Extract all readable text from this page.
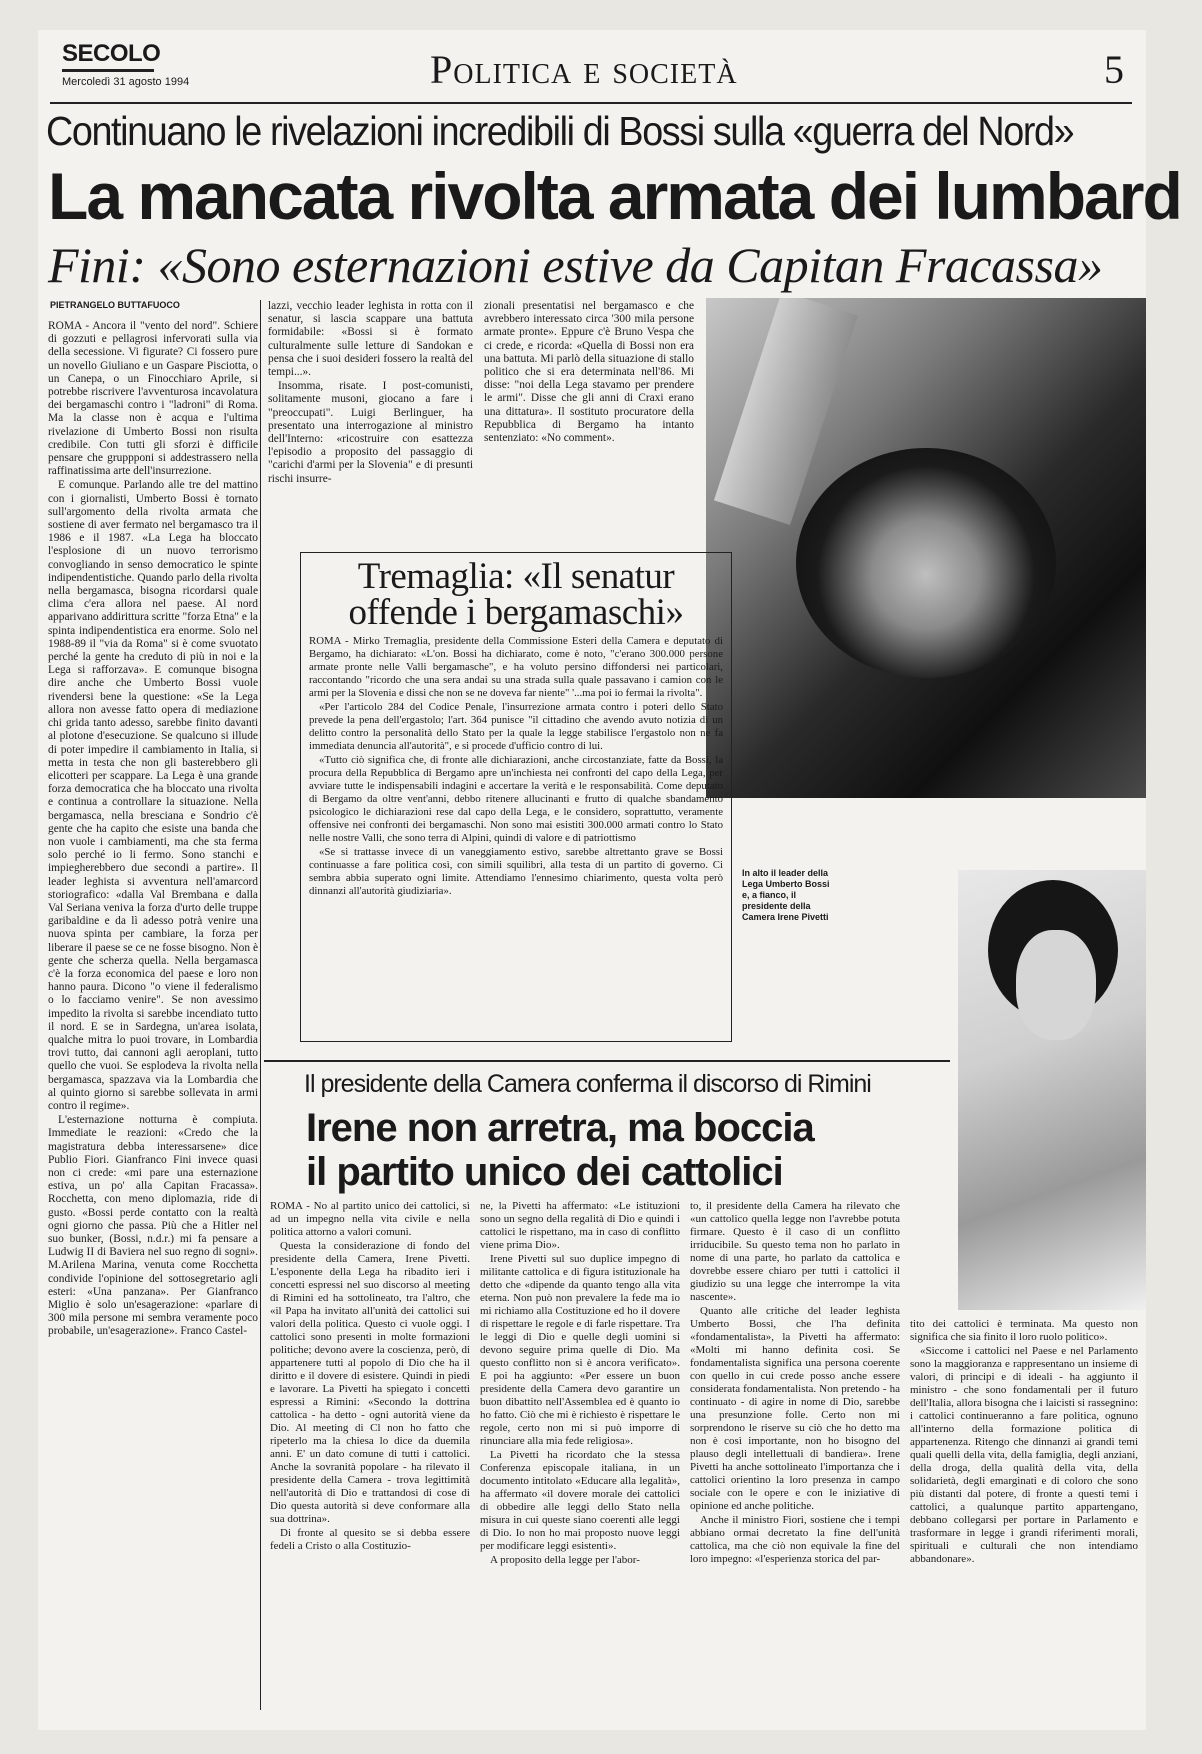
SECOLO
Mercoledì 31 agosto 1994	Politica e società	5
Continuano le rivelazioni incredibili di Bossi sulla «guerra del Nord»
La mancata rivolta armata dei lumbard
Fini: «Sono esternazioni estive da Capitan Fracassa»
PIETRANGELO BUTTAFUOCO

ROMA - Ancora il "vento del nord". Schiere di gozzuti e pellagrosi infervorati sulla via della secessione. Vi figurate? Ci fossero pure un novello Giuliano e un Gaspare Pisciotta, o un Canepa, o un Finocchiaro Aprile, si potrebbe riscrivere l'avventurosa incavolatura dei bergamaschi contro i "ladroni" di Roma. Ma la classe non è acqua e l'ultima rivelazione di Umberto Bossi non risulta credibile. Con tutti gli sforzi è difficile pensare che gruppponi si addestrassero nella raffinatissima arte dell'insurrezione.

E comunque. Parlando alle tre del mattino con i giornalisti, Umberto Bossi è tornato sull'argomento della rivolta armata che sostiene di aver fermato nel bergamasco tra il 1986 e il 1987. «La Lega ha bloccato l'esplosione di un nuovo terrorismo convogliando in senso democratico le spinte indipendentistiche. Quando parlo della rivolta nella bergamasca, bisogna ricordarsi quale clima c'era allora nel paese. Al nord apparivano addirittura scritte "forza Etna" e la spinta indipendentistica era enorme. Solo nel 1988-89 il "via da Roma" si è come svuotato perché la gente ha creduto di più in noi e la Lega si rafforzava». E comunque bisogna dire anche che Umberto Bossi vuole rivendersi bene la questione: «Se la Lega allora non avesse fatto opera di mediazione chi grida tanto adesso, sarebbe finito davanti al plotone d'esecuzione. Se qualcuno si illude di poter impedire il cambiamento in Italia, si metta in testa che non gli basterebbero gli elicotteri per scappare. La Lega è una grande forza democratica che ha bloccato una rivolta e continua a controllare la situazione. Nella bergamasca, nella bresciana e Sondrio c'è gente che ha capito che esiste una banda che non vuole i cambiamenti, ma che sta ferma solo perché io li fermo. Sono stanchi e impiegherebbero due secondi a partire». Il leader leghista si avventura nell'amarcord storiografico: «dalla Val Brembana e dalla Val Seriana veniva la forza d'urto delle truppe garibaldine e da lì adesso potrà venire una nuova spinta per cambiare, la forza per liberare il paese se ce ne fosse bisogno. Non è gente che scherza quella. Nella bergamasca c'è la forza economica del paese e loro non hanno paura. Dicono "o viene il federalismo o lo facciamo venire". Se non avessimo impedito la rivolta si sarebbe incendiato tutto il nord. E se in Sardegna, un'area isolata, qualche mitra lo puoi trovare, in Lombardia trovi tutto, dai cannoni agli aeroplani, tutto quello che vuoi. Se esplodeva la rivolta nella bergamasca, spazzava via la Lombardia che al quinto giorno si sarebbe sollevata in armi contro il regime».

L'esternazione notturna è compiuta. Immediate le reazioni: «Credo che la magistratura debba interessarsene» dice Publio Fiori. Gianfranco Fini invece quasi non ci crede: «mi pare una esternazione estiva, un po' alla Capitan Fracassa». Rocchetta, con meno diplomazia, ride di gusto. «Bossi perde contatto con la realtà ogni giorno che passa. Più che a Hitler nel suo bunker, (Bossi, n.d.r.) mi fa pensare a Ludwig II di Baviera nel suo regno di sogni». M.Arilena Marina, venuta come Rocchetta condivide l'opinione del sottosegretario agli esteri: «Una panzana». Per Gianfranco Miglio è solo un'esagerazione: «parlare di 300 mila persone mi sembra veramente poco probabile, un'esagerazione». Franco Castel-

lazzi, vecchio leader leghista in rotta con il senatur, si lascia scappare una battuta formidabile: «Bossi si è formato culturalmente sulle letture di Sandokan e pensa che i suoi desideri fossero la realtà del tempi...».

Insomma, risate. I post-comunisti, solitamente musoni, giocano a fare i "preoccupati". Luigi Berlinguer, ha presentato una interrogazione al ministro dell'Interno: «ricostruire con esattezza l'episodio a proposito del passaggio di "carichi d'armi per la Slovenia" e di presunti rischi insurre-

zionali presentatisi nel bergamasco e che avrebbero interessato circa '300 mila persone armate pronte». Eppure c'è Bruno Vespa che ci crede, e ricorda: «Quella di Bossi non era una battuta. Mi parlò della situazione di stallo politico che si era determinata nell'86. Mi disse: "noi della Lega stavamo per prendere le armi". Disse che gli anni di Craxi erano una dittatura». Il sostituto procuratore della Repubblica di Bergamo ha intanto sentenziato: «No comment».

In alto il leader della Lega Umberto Bossi e, a fianco, il presidente della Camera Irene Pivetti
Tremaglia: «Il senatur offende i bergamaschi»

ROMA - Mirko Tremaglia, presidente della Commissione Esteri della Camera e deputato di Bergamo, ha dichiarato: «L'on. Bossi ha dichiarato, come è noto, "c'erano 300.000 persone armate pronte nelle Valli bergamasche", e ha voluto persino diffondersi nei particolari, raccontando "ricordo che una sera andai su una strada sulla quale passavano i camion con le armi per la Slovenia e dissi che non se ne doveva far niente" '...ma poi io fermai la rivolta".

«Per l'articolo 284 del Codice Penale, l'insurrezione armata contro i poteri dello Stato prevede la pena dell'ergastolo; l'art. 364 punisce "il cittadino che avendo avuto notizia di un delitto contro la personalità dello Stato per la quale la legge stabilisce l'ergastolo non ne fa immediata denuncia all'autorità", e si procede d'ufficio contro di lui.

«Tutto ciò significa che, di fronte alle dichiarazioni, anche circostanziate, fatte da Bossi, la procura della Repubblica di Bergamo apre un'inchiesta nei confronti del capo della Lega, per avviare tutte le indispensabili indagini e accertare la verità e le responsabilità. Come deputato di Bergamo da oltre vent'anni, debbo ritenere allucinanti e frutto di qualche sbandamento psicologico le dichiarazioni rese dal capo della Lega, e le considero, soprattutto, veramente offensive nei confronti dei bergamaschi. Non sono mai esistiti 300.000 armati contro lo Stato nelle nostre Valli, che sono terra di Alpini, quindi di valore e di patriottismo

«Se si trattasse invece di un vaneggiamento estivo, sarebbe altrettanto grave se Bossi continuasse a fare politica così, con simili squilibri, alla testa di un partito di governo. Ci sembra abbia superato ogni limite. Attendiamo l'ennesimo chiarimento, questa volta però dinnanzi all'autorità giudiziaria».

Il presidente della Camera conferma il discorso di Rimini
Irene non arretra, ma boccia
il partito unico dei cattolici

ROMA - No al partito unico dei cattolici, sì ad un impegno nella vita civile e nella politica attorno a valori comuni.

Questa la considerazione di fondo del presidente della Camera, Irene Pivetti. L'esponente della Lega ha ribadito ieri i concetti espressi nel suo discorso al meeting di Rimini ed ha sottolineato, tra l'altro, che «il Papa ha invitato all'unità dei cattolici sui valori della politica. Questo ci vuole oggi. I cattolici sono presenti in molte formazioni politiche; devono avere la coscienza, però, di appartenere tutti al popolo di Dio che ha il diritto e il dovere di esistere. Quindi in piedi e lavorare. La Pivetti ha spiegato i concetti espressi a Rimini: «Secondo la dottrina cattolica - ha detto - ogni autorità viene da Dio. Al meeting di Cl non ho fatto che ripeterlo ma la chiesa lo dice da duemila anni. E' un dato comune di tutti i cattolici. Anche la sovranità popolare - ha rilevato il presidente della Camera - trova legittimità nell'autorità di Dio e trattandosi di cose di Dio questa autorità si deve conformare alla sua dottrina».

Di fronte al quesito se si debba essere fedeli a Cristo o alla Costituzio-

ne, la Pivetti ha affermato: «Le istituzioni sono un segno della regalità di Dio e quindi i cattolici le rispettano, ma in caso di conflitto viene prima Dio».

Irene Pivetti sul suo duplice impegno di militante cattolica e di figura istituzionale ha detto che «dipende da quanto tengo alla vita eterna. Non può non prevalere la fede ma io mi richiamo alla Costituzione ed ho il dovere di rispettare le regole e di farle rispettare. Tra le leggi di Dio e quelle degli uomini si devono seguire prima quelle di Dio. Ma questo conflitto non si è ancora verificato». E poi ha aggiunto: «Per essere un buon presidente della Camera devo garantire un buon dibattito nell'Assemblea ed è quanto io ho fatto. Ciò che mi è richiesto è rispettare le regole, certo non mi si può imporre di rinunciare alla mia fede religiosa».

La Pivetti ha ricordato che la stessa Conferenza episcopale italiana, in un documento intitolato «Educare alla legalità», ha affermato «il dovere morale dei cattolici di obbedire alle leggi dello Stato nella misura in cui queste siano coerenti alle leggi di Dio. Io non ho mai proposto nuove leggi per modificare leggi esistenti».

A proposito della legge per l'abor-

to, il presidente della Camera ha rilevato che «un cattolico quella legge non l'avrebbe potuta firmare. Questo è il caso di un conflitto irriducibile. Su questo tema non ho parlato in nome di una parte, ho parlato da cattolica e dovrebbe essere chiaro per tutti i cattolici il giudizio su una legge che interrompe la vita nascente».

Quanto alle critiche del leader leghista Umberto Bossi, che l'ha definita «fondamentalista», la Pivetti ha affermato: «Molti mi hanno definita così. Se fondamentalista significa una persona coerente con quello in cui crede posso anche essere considerata fondamentalista. Non pretendo - ha continuato - di agire in nome di Dio, sarebbe una presunzione folle. Certo non mi sorprendono le riserve su ciò che ho detto ma non è così importante, non ho bisogno del plauso degli intellettuali di bandiera». Irene Pivetti ha anche sottolineato l'importanza che i cattolici orientino la loro presenza in campo sociale con le opere e con le iniziative di opinione ed anche politiche.

Anche il ministro Fiori, sostiene che i tempi abbiano ormai decretato la fine dell'unità cattolica, ma che ciò non equivale la fine del loro impegno: «l'esperienza storica del par-

tito dei cattolici è terminata. Ma questo non significa che sia finito il loro ruolo politico».

«Siccome i cattolici nel Paese e nel Parlamento sono la maggioranza e rappresentano un insieme di valori, di principi e di ideali - ha aggiunto il ministro - che sono fondamentali per il futuro dell'Italia, allora bisogna che i laicisti si rassegnino: i cattolici continueranno a fare politica, ognuno all'interno della formazione politica di appartenenza. Ritengo che dinnanzi ai grandi temi quali quelli della vita, della famiglia, degli anziani, della droga, della qualità della vita, della solidarietà, degli emarginati e di coloro che sono più distanti dal potere, di fronte a questi temi i cattolici, a qualunque partito appartengano, debbano collegarsi per portare in Parlamento e trasformare in legge i grandi riferimenti morali, spirituali e culturali che non intendiamo abbandonare».
